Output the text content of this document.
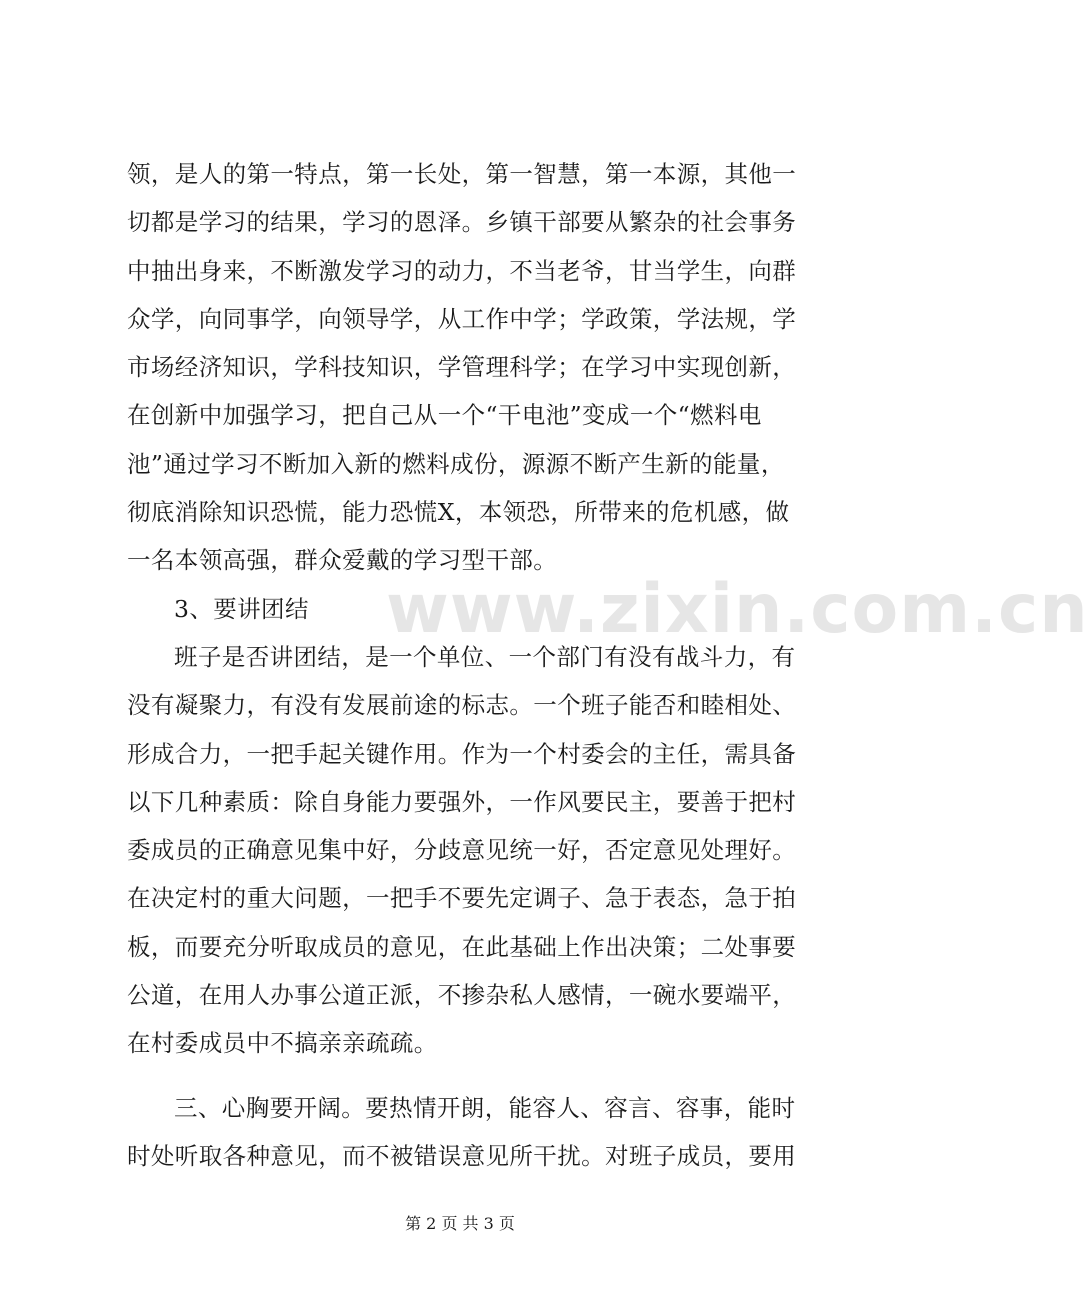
www.zixin.com.cn
领，是人的第一特点，第一长处，第一智慧，第一本源，其他一
切都是学习的结果，学习的恩泽。乡镇干部要从繁杂的社会事务
中抽出身来，不断激发学习的动力，不当老爷，甘当学生，向群
众学，向同事学，向领导学，从工作中学；学政策，学法规，学
市场经济知识，学科技知识，学管理科学；在学习中实现创新，
在创新中加强学习，把自己从一个“干电池”变成一个“燃料电
池”通过学习不断加入新的燃料成份，源源不断产生新的能量，
彻底消除知识恐慌，能力恐慌X，本领恐，所带来的危机感，做
一名本领高强，群众爱戴的学习型干部。
3、要讲团结
班子是否讲团结，是一个单位、一个部门有没有战斗力，有
没有凝聚力，有没有发展前途的标志。一个班子能否和睦相处、
形成合力，一把手起关键作用。作为一个村委会的主任，需具备
以下几种素质：除自身能力要强外，一作风要民主，要善于把村
委成员的正确意见集中好，分歧意见统一好，否定意见处理好。
在决定村的重大问题，一把手不要先定调子、急于表态，急于拍
板，而要充分听取成员的意见，在此基础上作出决策；二处事要
公道，在用人办事公道正派，不掺杂私人感情，一碗水要端平，
在村委成员中不搞亲亲疏疏。
三、心胸要开阔。要热情开朗，能容人、容言、容事，能时
时处听取各种意见，而不被错误意见所干扰。对班子成员，要用
第 2 页 共 3 页
